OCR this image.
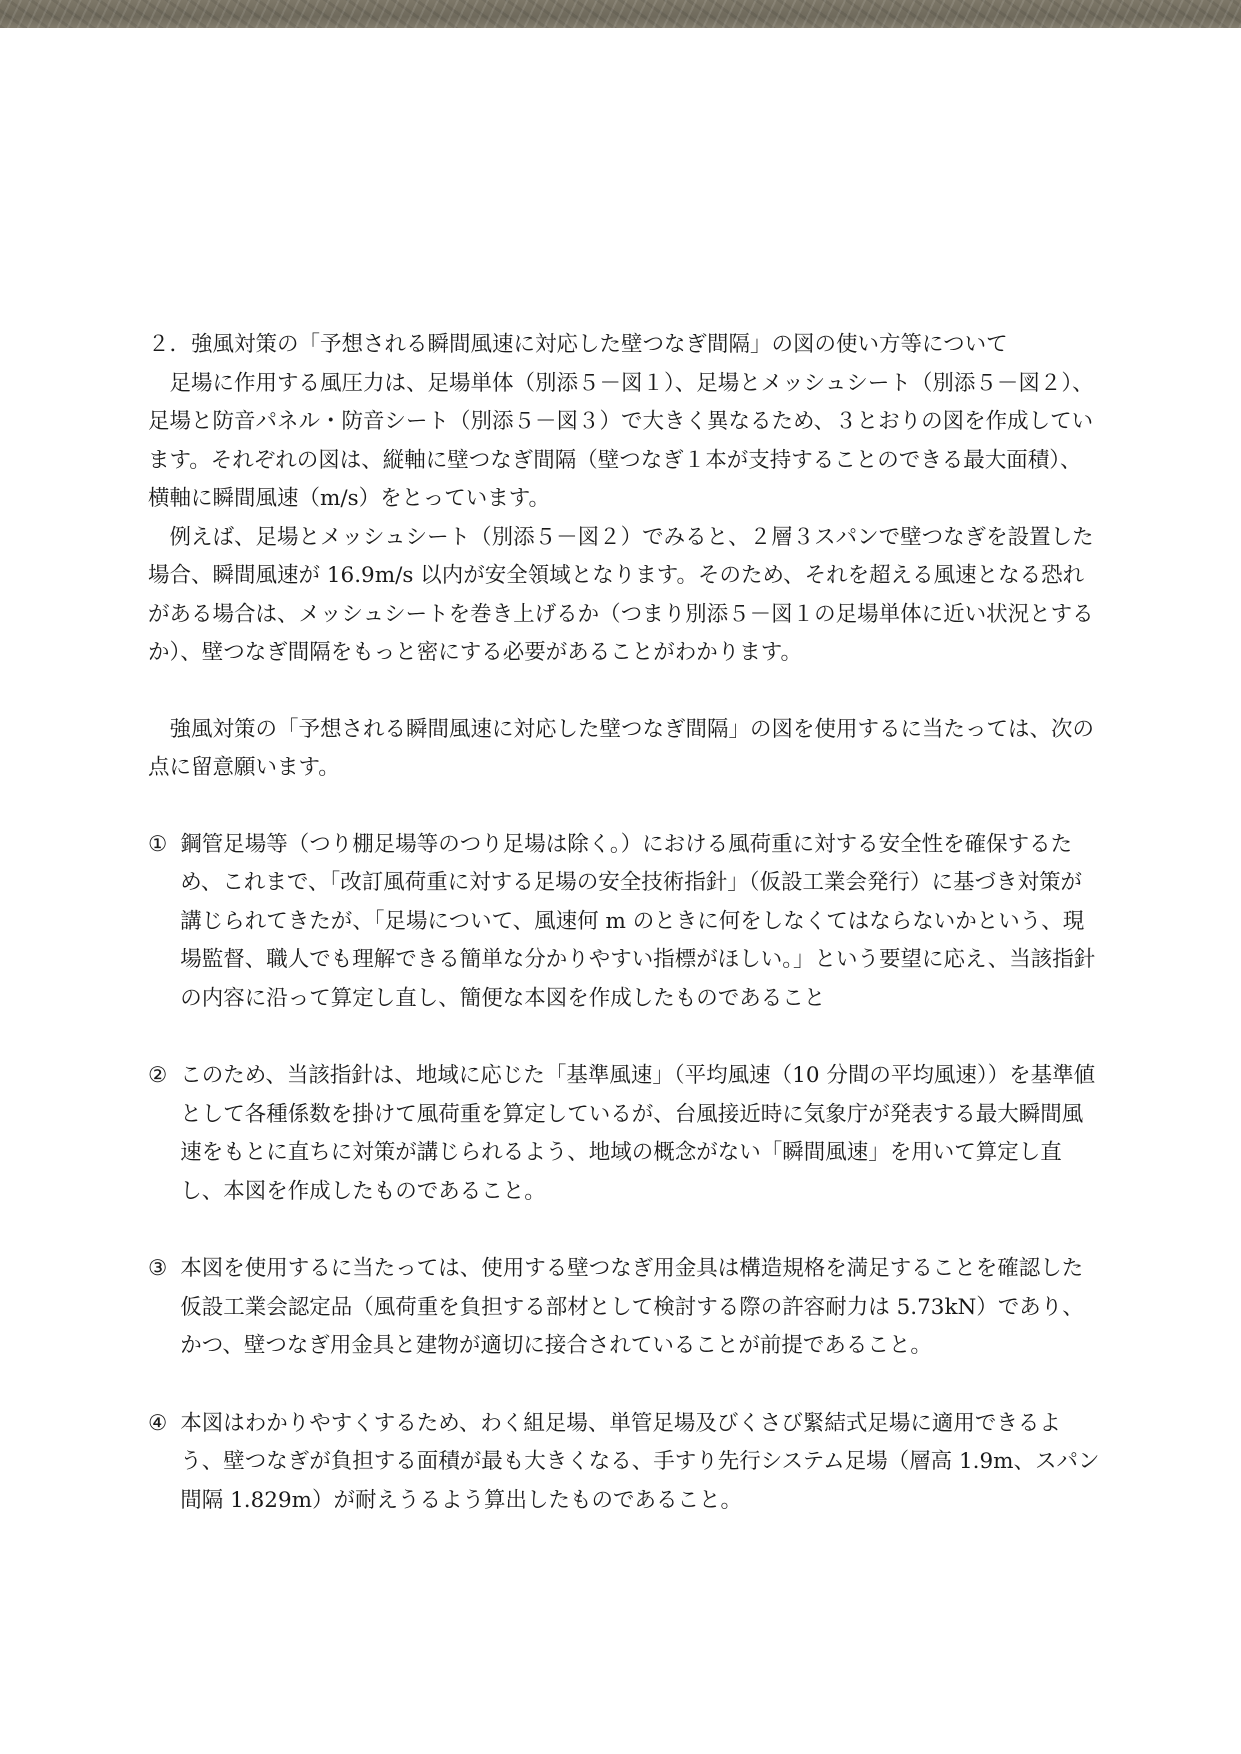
２．強風対策の「予想される瞬間風速に対応した壁つなぎ間隔」の図の使い方等について

足場に作用する風圧力は、足場単体（別添５－図１）、足場とメッシュシート（別添５－図２）、足場と防音パネル・防音シート（別添５－図３）で大きく異なるため、３とおりの図を作成しています。それぞれの図は、縦軸に壁つなぎ間隔（壁つなぎ１本が支持することのできる最大面積）、横軸に瞬間風速（m/s）をとっています。

例えば、足場とメッシュシート（別添５－図２）でみると、２層３スパンで壁つなぎを設置した場合、瞬間風速が 16.9m/s 以内が安全領域となります。そのため、それを超える風速となる恐れがある場合は、メッシュシートを巻き上げるか（つまり別添５－図１の足場単体に近い状況とするか）、壁つなぎ間隔をもっと密にする必要があることがわかります。

強風対策の「予想される瞬間風速に対応した壁つなぎ間隔」の図を使用するに当たっては、次の点に留意願います。

① 鋼管足場等（つり棚足場等のつり足場は除く。）における風荷重に対する安全性を確保するため、これまで、「改訂風荷重に対する足場の安全技術指針」（仮設工業会発行）に基づき対策が講じられてきたが、「足場について、風速何 m のときに何をしなくてはならないかという、現場監督、職人でも理解できる簡単な分かりやすい指標がほしい。」という要望に応え、当該指針の内容に沿って算定し直し、簡便な本図を作成したものであること

② このため、当該指針は、地域に応じた「基準風速」（平均風速（10 分間の平均風速））を基準値として各種係数を掛けて風荷重を算定しているが、台風接近時に気象庁が発表する最大瞬間風速をもとに直ちに対策が講じられるよう、地域の概念がない「瞬間風速」を用いて算定し直し、本図を作成したものであること。

③ 本図を使用するに当たっては、使用する壁つなぎ用金具は構造規格を満足することを確認した仮設工業会認定品（風荷重を負担する部材として検討する際の許容耐力は 5.73kN）であり、かつ、壁つなぎ用金具と建物が適切に接合されていることが前提であること。

④ 本図はわかりやすくするため、わく組足場、単管足場及びくさび緊結式足場に適用できるよう、壁つなぎが負担する面積が最も大きくなる、手すり先行システム足場（層高 1.9m、スパン間隔 1.829m）が耐えうるよう算出したものであること。
